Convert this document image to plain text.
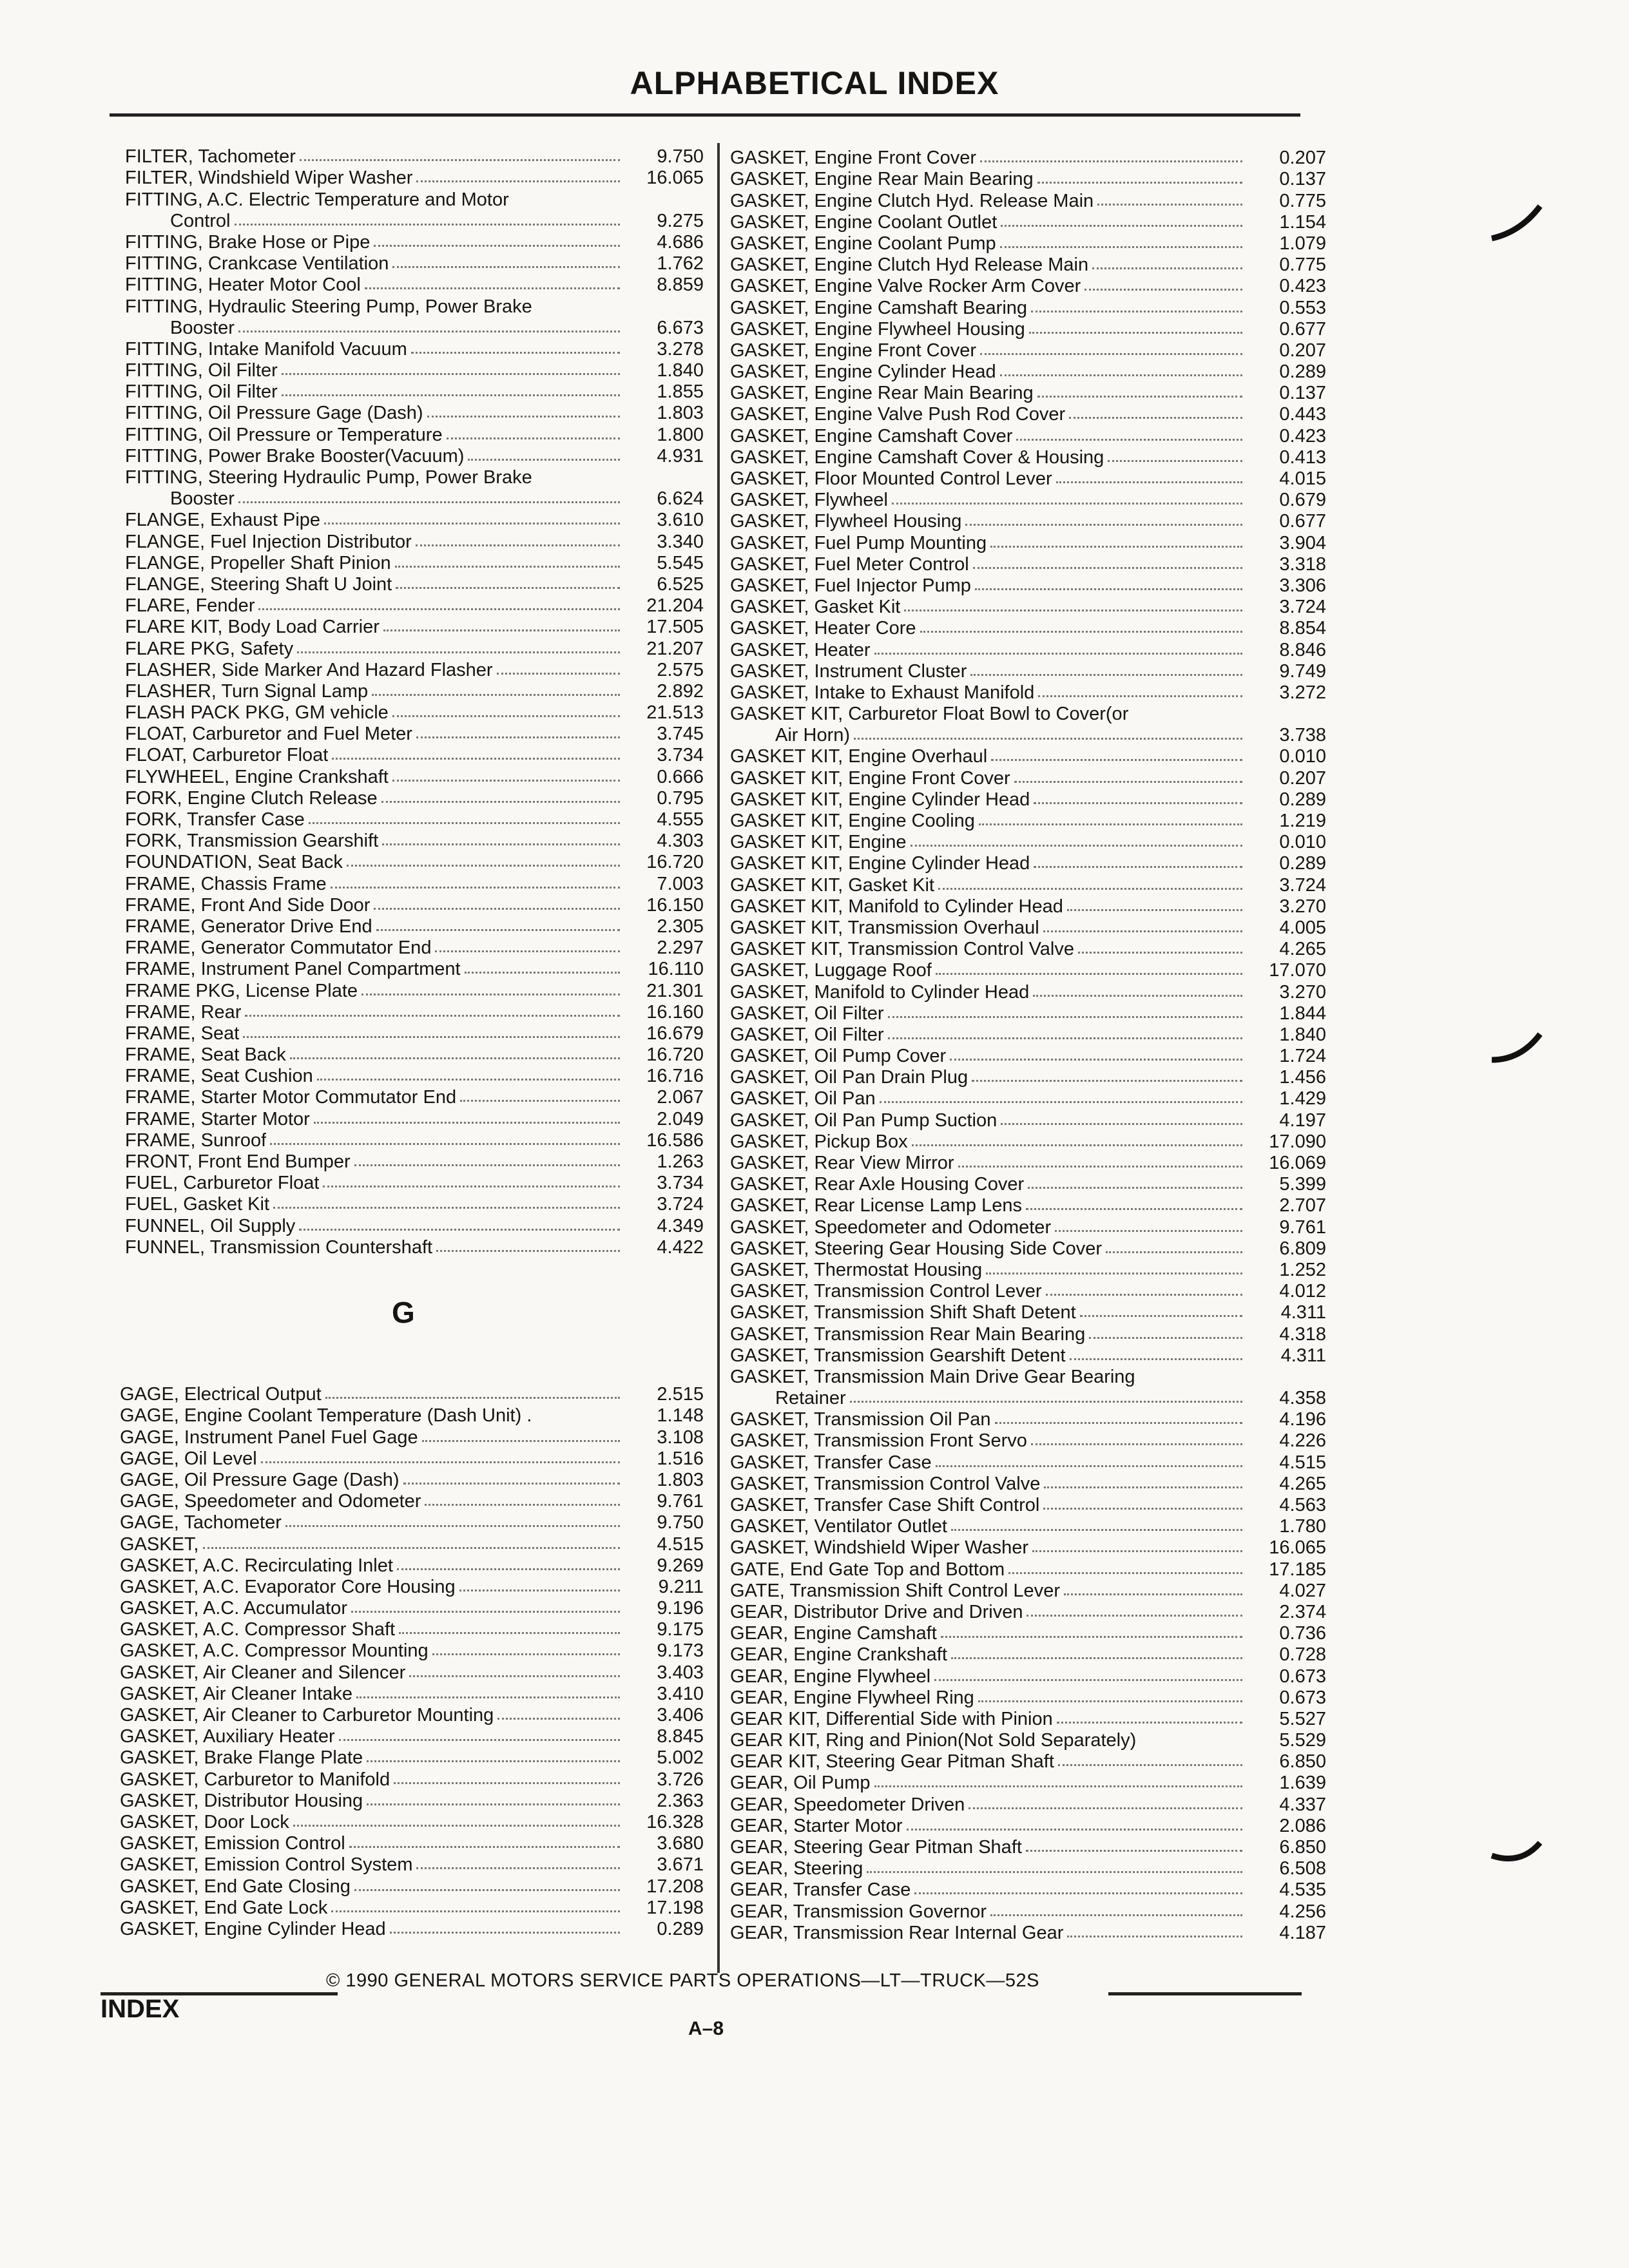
ALPHABETICAL INDEX
FILTER, Tachometer	9.750
FILTER, Windshield Wiper Washer	16.065
FITTING, A.C. Electric Temperature and Motor
Control	9.275
FITTING, Brake Hose or Pipe	4.686
FITTING, Crankcase Ventilation	1.762
FITTING, Heater Motor Cool	8.859
FITTING, Hydraulic Steering Pump, Power Brake
Booster	6.673
FITTING, Intake Manifold Vacuum	3.278
FITTING, Oil Filter	1.840
FITTING, Oil Filter	1.855
FITTING, Oil Pressure Gage (Dash)	1.803
FITTING, Oil Pressure or Temperature	1.800
FITTING, Power Brake Booster(Vacuum)	4.931
FITTING, Steering Hydraulic Pump, Power Brake
Booster	6.624
FLANGE, Exhaust Pipe	3.610
FLANGE, Fuel Injection Distributor	3.340
FLANGE, Propeller Shaft Pinion	5.545
FLANGE, Steering Shaft U Joint	6.525
FLARE, Fender	21.204
FLARE KIT, Body Load Carrier	17.505
FLARE PKG, Safety	21.207
FLASHER, Side Marker And Hazard Flasher	2.575
FLASHER, Turn Signal Lamp	2.892
FLASH PACK PKG, GM vehicle	21.513
FLOAT, Carburetor and Fuel Meter	3.745
FLOAT, Carburetor Float	3.734
FLYWHEEL, Engine Crankshaft	0.666
FORK, Engine Clutch Release	0.795
FORK, Transfer Case	4.555
FORK, Transmission Gearshift	4.303
FOUNDATION, Seat Back	16.720
FRAME, Chassis Frame	7.003
FRAME, Front And Side Door	16.150
FRAME, Generator Drive End	2.305
FRAME, Generator Commutator End	2.297
FRAME, Instrument Panel Compartment	16.110
FRAME PKG, License Plate	21.301
FRAME, Rear	16.160
FRAME, Seat	16.679
FRAME, Seat Back	16.720
FRAME, Seat Cushion	16.716
FRAME, Starter Motor Commutator End	2.067
FRAME, Starter Motor	2.049
FRAME, Sunroof	16.586
FRONT, Front End Bumper	1.263
FUEL, Carburetor Float	3.734
FUEL, Gasket Kit	3.724
FUNNEL, Oil Supply	4.349
FUNNEL, Transmission Countershaft	4.422
G
GAGE, Electrical Output	2.515
GAGE, Engine Coolant Temperature (Dash Unit) .	1.148
GAGE, Instrument Panel Fuel Gage	3.108
GAGE, Oil Level	1.516
GAGE, Oil Pressure Gage (Dash)	1.803
GAGE, Speedometer and Odometer	9.761
GAGE, Tachometer	9.750
GASKET,	4.515
GASKET, A.C. Recirculating Inlet	9.269
GASKET, A.C. Evaporator Core Housing	9.211
GASKET, A.C. Accumulator	9.196
GASKET, A.C. Compressor Shaft	9.175
GASKET, A.C. Compressor Mounting	9.173
GASKET, Air Cleaner and Silencer	3.403
GASKET, Air Cleaner Intake	3.410
GASKET, Air Cleaner to Carburetor Mounting	3.406
GASKET, Auxiliary Heater	8.845
GASKET, Brake Flange Plate	5.002
GASKET, Carburetor to Manifold	3.726
GASKET, Distributor Housing	2.363
GASKET, Door Lock	16.328
GASKET, Emission Control	3.680
GASKET, Emission Control System	3.671
GASKET, End Gate Closing	17.208
GASKET, End Gate Lock	17.198
GASKET, Engine Cylinder Head	0.289
GASKET, Engine Front Cover	0.207
GASKET, Engine Rear Main Bearing	0.137
GASKET, Engine Clutch Hyd. Release Main	0.775
GASKET, Engine Coolant Outlet	1.154
GASKET, Engine Coolant Pump	1.079
GASKET, Engine Clutch Hyd Release Main	0.775
GASKET, Engine Valve Rocker Arm Cover	0.423
GASKET, Engine Camshaft Bearing	0.553
GASKET, Engine Flywheel Housing	0.677
GASKET, Engine Front Cover	0.207
GASKET, Engine Cylinder Head	0.289
GASKET, Engine Rear Main Bearing	0.137
GASKET, Engine Valve Push Rod Cover	0.443
GASKET, Engine Camshaft Cover	0.423
GASKET, Engine Camshaft Cover & Housing	0.413
GASKET, Floor Mounted Control Lever	4.015
GASKET, Flywheel	0.679
GASKET, Flywheel Housing	0.677
GASKET, Fuel Pump Mounting	3.904
GASKET, Fuel Meter Control	3.318
GASKET, Fuel Injector Pump	3.306
GASKET, Gasket Kit	3.724
GASKET, Heater Core	8.854
GASKET, Heater	8.846
GASKET, Instrument Cluster	9.749
GASKET, Intake to Exhaust Manifold	3.272
GASKET KIT, Carburetor Float Bowl to Cover(or
Air Horn)	3.738
GASKET KIT, Engine Overhaul	0.010
GASKET KIT, Engine Front Cover	0.207
GASKET KIT, Engine Cylinder Head	0.289
GASKET KIT, Engine Cooling	1.219
GASKET KIT, Engine	0.010
GASKET KIT, Engine Cylinder Head	0.289
GASKET KIT, Gasket Kit	3.724
GASKET KIT, Manifold to Cylinder Head	3.270
GASKET KIT, Transmission Overhaul	4.005
GASKET KIT, Transmission Control Valve	4.265
GASKET, Luggage Roof	17.070
GASKET, Manifold to Cylinder Head	3.270
GASKET, Oil Filter	1.844
GASKET, Oil Filter	1.840
GASKET, Oil Pump Cover	1.724
GASKET, Oil Pan Drain Plug	1.456
GASKET, Oil Pan	1.429
GASKET, Oil Pan Pump Suction	4.197
GASKET, Pickup Box	17.090
GASKET, Rear View Mirror	16.069
GASKET, Rear Axle Housing Cover	5.399
GASKET, Rear License Lamp Lens	2.707
GASKET, Speedometer and Odometer	9.761
GASKET, Steering Gear Housing Side Cover	6.809
GASKET, Thermostat Housing	1.252
GASKET, Transmission Control Lever	4.012
GASKET, Transmission Shift Shaft Detent	4.311
GASKET, Transmission Rear Main Bearing	4.318
GASKET, Transmission Gearshift Detent	4.311
GASKET, Transmission Main Drive Gear Bearing
Retainer	4.358
GASKET, Transmission Oil Pan	4.196
GASKET, Transmission Front Servo	4.226
GASKET, Transfer Case	4.515
GASKET, Transmission Control Valve	4.265
GASKET, Transfer Case Shift Control	4.563
GASKET, Ventilator Outlet	1.780
GASKET, Windshield Wiper Washer	16.065
GATE, End Gate Top and Bottom	17.185
GATE, Transmission Shift Control Lever	4.027
GEAR, Distributor Drive and Driven	2.374
GEAR, Engine Camshaft	0.736
GEAR, Engine Crankshaft	0.728
GEAR, Engine Flywheel	0.673
GEAR, Engine Flywheel Ring	0.673
GEAR KIT, Differential Side with Pinion	5.527
GEAR KIT, Ring and Pinion(Not Sold Separately)	5.529
GEAR KIT, Steering Gear Pitman Shaft	6.850
GEAR, Oil Pump	1.639
GEAR, Speedometer Driven	4.337
GEAR, Starter Motor	2.086
GEAR, Steering Gear Pitman Shaft	6.850
GEAR, Steering	6.508
GEAR, Transfer Case	4.535
GEAR, Transmission Governor	4.256
GEAR, Transmission Rear Internal Gear	4.187
© 1990 GENERAL MOTORS SERVICE PARTS OPERATIONS—LT—TRUCK—52S
INDEX
A–8
